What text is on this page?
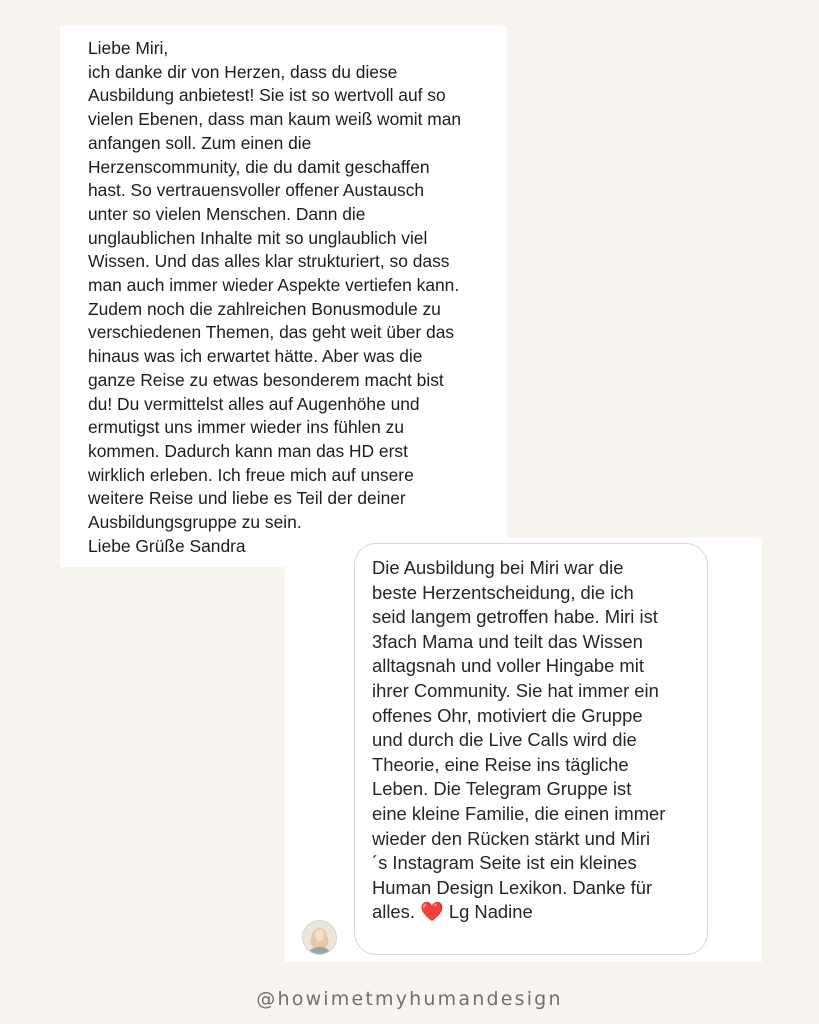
Liebe Miri,
ich danke dir von Herzen, dass du diese
Ausbildung anbietest! Sie ist so wertvoll auf so
vielen Ebenen, dass man kaum weiß womit man
anfangen soll. Zum einen die
Herzenscommunity, die du damit geschaffen
hast. So vertrauensvoller offener Austausch
unter so vielen Menschen. Dann die
unglaublichen Inhalte mit so unglaublich viel
Wissen. Und das alles klar strukturiert, so dass
man auch immer wieder Aspekte vertiefen kann.
Zudem noch die zahlreichen Bonusmodule zu
verschiedenen Themen, das geht weit über das
hinaus was ich erwartet hätte. Aber was die
ganze Reise zu etwas besonderem macht bist
du! Du vermittelst alles auf Augenhöhe und
ermutigst uns immer wieder ins fühlen zu
kommen. Dadurch kann man das HD erst
wirklich erleben. Ich freue mich auf unsere
weitere Reise und liebe es Teil der deiner
Ausbildungsgruppe zu sein.
Liebe Grüße Sandra

Die Ausbildung bei Miri war die
beste Herzentscheidung, die ich
seid langem getroffen habe. Miri ist
3fach Mama und teilt das Wissen
alltagsnah und voller Hingabe mit
ihrer Community. Sie hat immer ein
offenes Ohr, motiviert die Gruppe
und durch die Live Calls wird die
Theorie, eine Reise ins tägliche
Leben. Die Telegram Gruppe ist
eine kleine Familie, die einen immer
wieder den Rücken stärkt und Miri
´s Instagram Seite ist ein kleines
Human Design Lexikon. Danke für
alles. ❤️ Lg Nadine

@howimetmyhumandesign
